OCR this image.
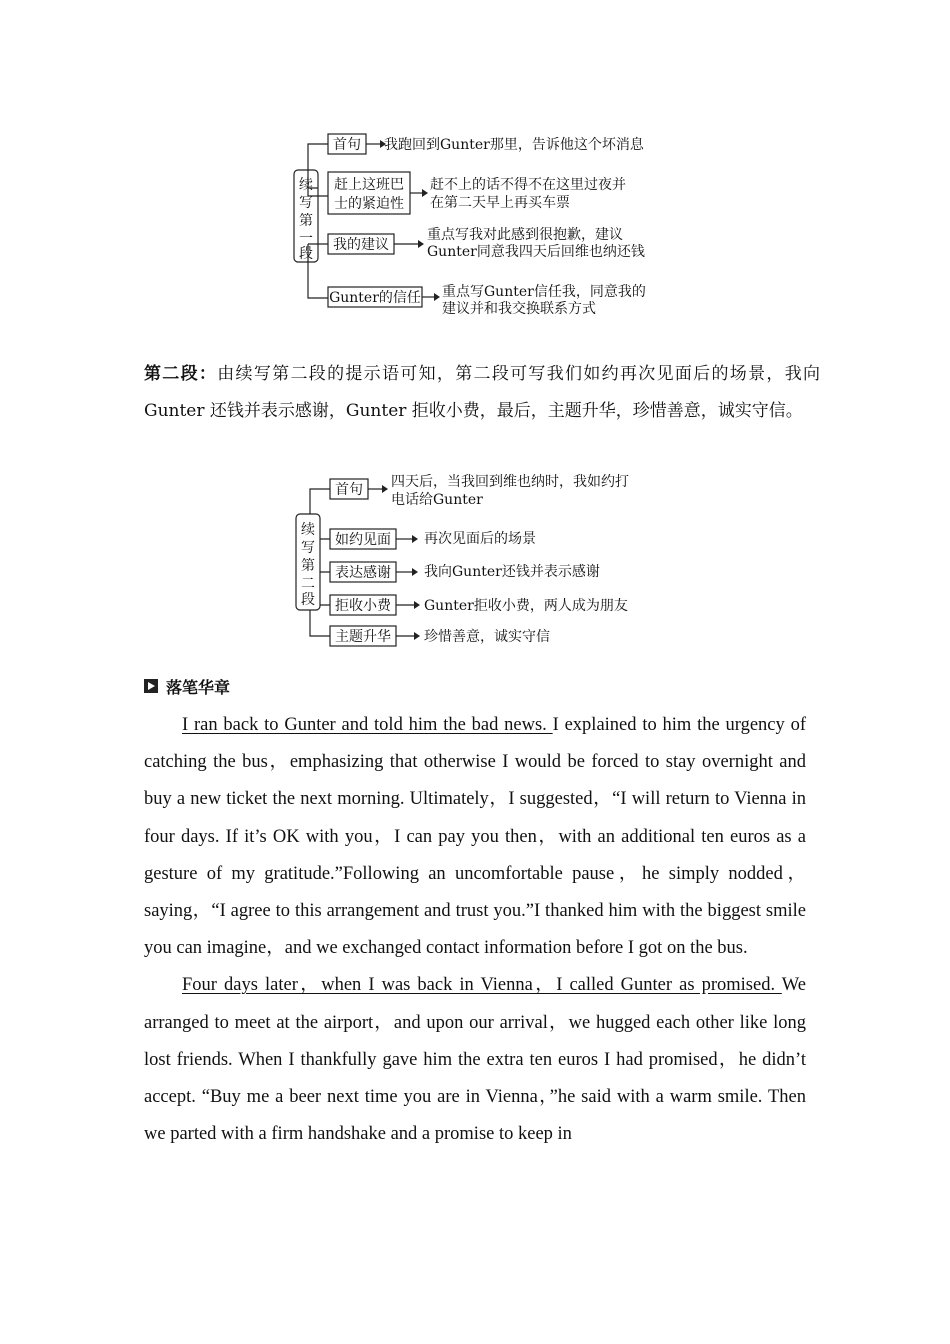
续
写
第
一
段
首句 我跑回到Gunter那里，告诉他这个坏消息
赶上这班巴
士的紧迫性
赶不上的话不得不在这里过夜并
在第二天早上再买车票
我的建议
重点写我对此感到很抱歉，建议
Gunter同意我四天后回维也纳还钱
Gunter的信任 重点写Gunter信任我，同意我的
建议并和我交换联系方式
第二段：由续写第二段的提示语可知，第二段可写我们如约再次见面后的场景，我向 Gunter 还钱并表示感谢，Gunter 拒收小费，最后，主题升华，珍惜善意，诚实守信。
续
写
第
二
段
首句 四天后，当我回到维也纳时，我如约打
电话给Gunter
如约见面 再次见面后的场景
表达感谢 我向Gunter还钱并表示感谢
拒收小费 Gunter拒收小费，两人成为朋友
主题升华 珍惜善意，诚实守信
落笔华章

I ran back to Gunter and told him the bad news. I explained to him the urgency of catching the bus，emphasizing that otherwise I would be forced to stay overnight and buy a new ticket the next morning. Ultimately，I suggested，“I will return to Vienna in four days. If it’s OK with you，I can pay you then，with an additional ten euros as a gesture of my gratitude.”Following an uncomfortable pause，he simply nodded，saying，“I agree to this arrangement and trust you.”I thanked him with the biggest smile you can imagine，and we exchanged contact information before I got on the bus.

Four days later，when I was back in Vienna，I called Gunter as promised. We arranged to meet at the airport，and upon our arrival，we hugged each other like long lost friends. When I thankfully gave him the extra ten euros I had promised，he didn’t accept. “Buy me a beer next time you are in Vienna，”he said with a warm smile. Then we parted with a firm handshake and a promise to keep in
